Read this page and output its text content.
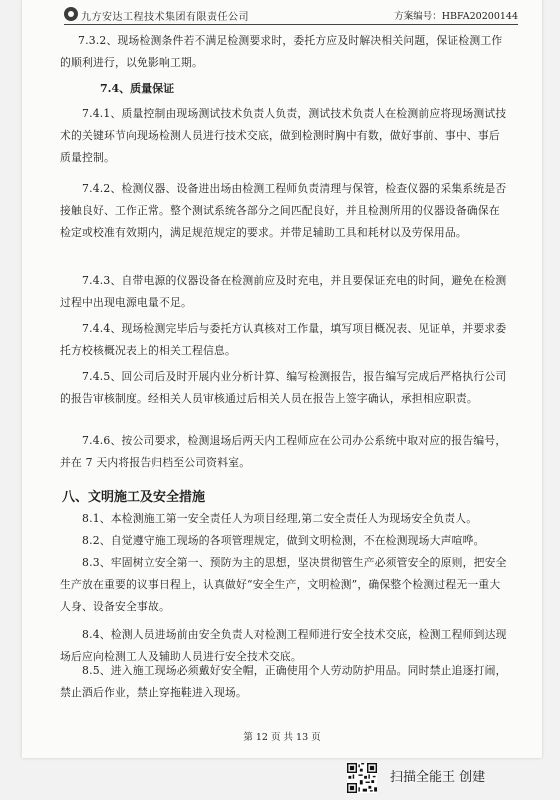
九方安达工程技术集团有限责任公司	方案编号：HBFA20200144
7.3.2、现场检测条件若不满足检测要求时，委托方应及时解决相关问题，保证检测工作的顺利进行，以免影响工期。
7.4、质量保证
7.4.1、质量控制由现场测试技术负责人负责，测试技术负责人在检测前应将现场测试技术的关键环节向现场检测人员进行技术交底，做到检测时胸中有数，做好事前、事中、事后质量控制。
7.4.2、检测仪器、设备进出场由检测工程师负责清理与保管，检查仪器的采集系统是否接触良好、工作正常。整个测试系统各部分之间匹配良好，并且检测所用的仪器设备确保在检定或校准有效期内，满足规范规定的要求。并带足辅助工具和耗材以及劳保用品。
7.4.3、自带电源的仪器设备在检测前应及时充电，并且要保证充电的时间，避免在检测过程中出现电源电量不足。
7.4.4、现场检测完毕后与委托方认真核对工作量，填写项目概况表、见证单，并要求委托方校核概况表上的相关工程信息。
7.4.5、回公司后及时开展内业分析计算、编写检测报告，报告编写完成后严格执行公司的报告审核制度。经相关人员审核通过后相关人员在报告上签字确认，承担相应职责。
7.4.6、按公司要求，检测退场后两天内工程师应在公司办公系统中取对应的报告编号，并在 7 天内将报告归档至公司资料室。
八、文明施工及安全措施
8.1、本检测施工第一安全责任人为项目经理,第二安全责任人为现场安全负责人。
8.2、自觉遵守施工现场的各项管理规定，做到文明检测，不在检测现场大声喧哗。
8.3、牢固树立安全第一、预防为主的思想，坚决贯彻管生产必须管安全的原则，把安全生产放在重要的议事日程上，认真做好“安全生产，文明检测”，确保整个检测过程无一重大人身、设备安全事故。
8.4、检测人员进场前由安全负责人对检测工程师进行安全技术交底，检测工程师到达现场后应向检测工人及辅助人员进行安全技术交底。
8.5、进入施工现场必须戴好安全帽，正确使用个人劳动防护用品。同时禁止追逐打闹，禁止酒后作业，禁止穿拖鞋进入现场。
第 12 页 共 13 页
扫描全能王 创建
